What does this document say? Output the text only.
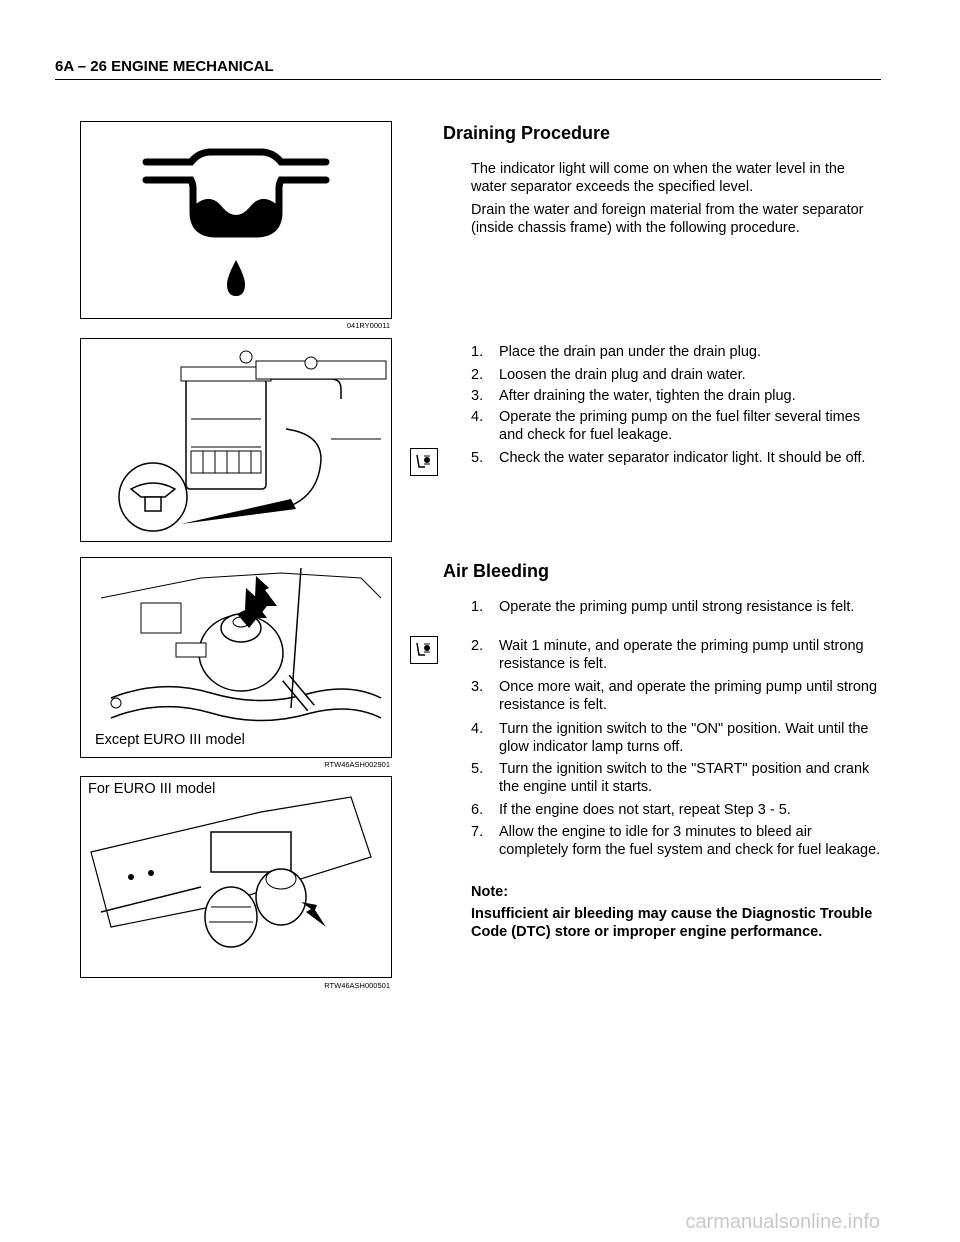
6A – 26 ENGINE MECHANICAL
041RY00011
Except EURO III model
RTW46ASH002901
For EURO III model
RTW46ASH000501
Draining Procedure

The indicator light will come on when the water level in the water separator exceeds the specified level.

Drain the water and foreign material from the water separator (inside chassis frame) with the following procedure.

1. Place the drain pan under the drain plug.
2. Loosen the drain plug and drain water.
3. After draining the water, tighten the drain plug.
4. Operate the priming pump on the fuel filter several times and check for fuel leakage.
5. Check the water separator indicator light. It should be off.
Air Bleeding
1. Operate the priming pump until strong resistance is felt.
2. Wait 1 minute, and operate the priming pump until strong resistance is felt.
3. Once more wait, and operate the priming pump until strong resistance is felt.
4. Turn the ignition switch to the "ON" position. Wait until the glow indicator lamp turns off.
5. Turn the ignition switch to the "START" position and crank the engine until it starts.
6. If the engine does not start, repeat Step 3 - 5.
7. Allow the engine to idle for 3 minutes to bleed air completely form the fuel system and check for fuel leakage.
Note:
Insufficient air bleeding may cause the Diagnostic Trouble Code (DTC) store or improper engine performance.
carmanualsonline.info
